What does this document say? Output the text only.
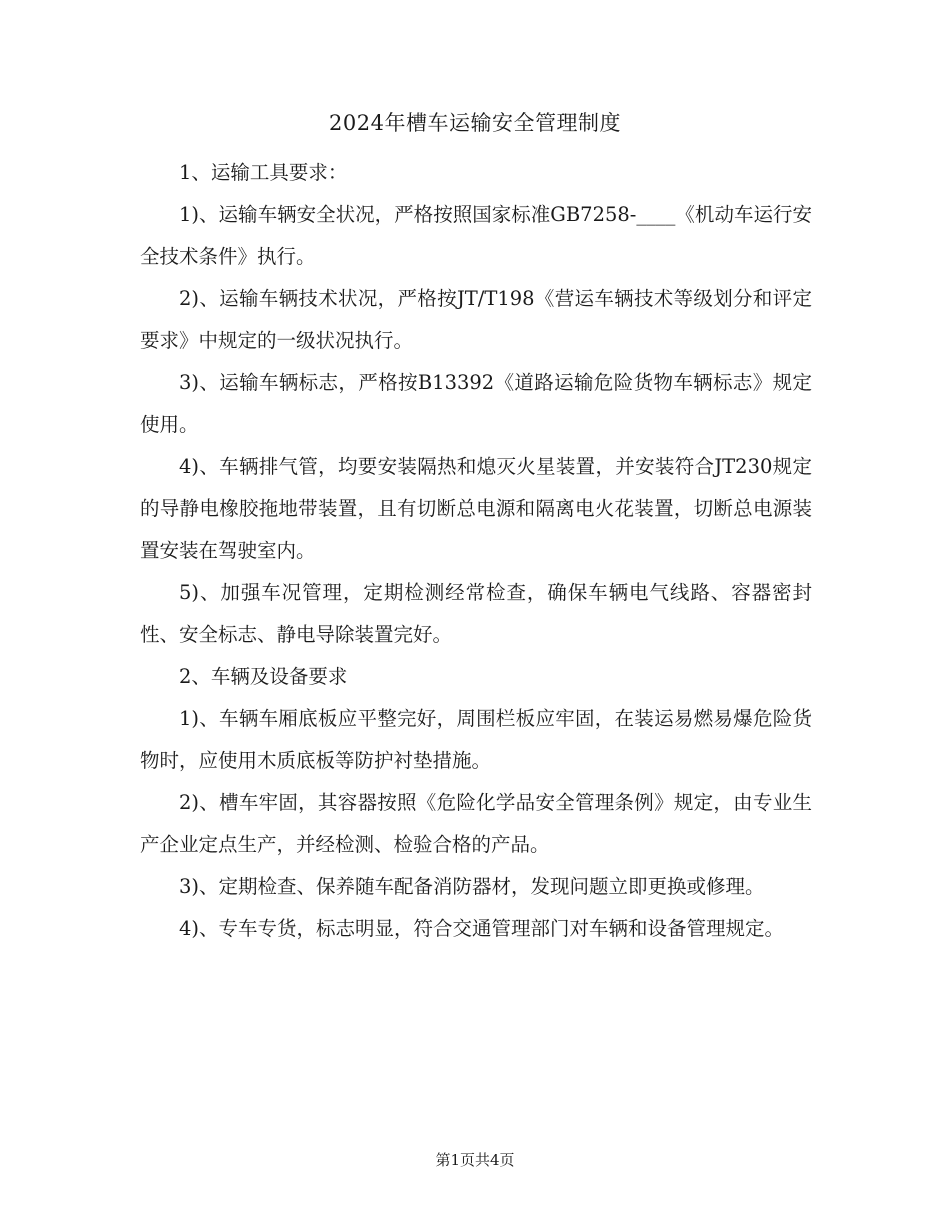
2024年槽车运输安全管理制度

1、运输工具要求：

1)、运输车辆安全状况，严格按照国家标准GB7258-____《机动车运行安全技术条件》执行。

2)、运输车辆技术状况，严格按JT/T198《营运车辆技术等级划分和评定要求》中规定的一级状况执行。

3)、运输车辆标志，严格按B13392《道路运输危险货物车辆标志》规定使用。

4)、车辆排气管，均要安装隔热和熄灭火星装置，并安装符合JT230规定的导静电橡胶拖地带装置，且有切断总电源和隔离电火花装置，切断总电源装置安装在驾驶室内。

5)、加强车况管理，定期检测经常检查，确保车辆电气线路、容器密封性、安全标志、静电导除装置完好。

2、车辆及设备要求

1)、车辆车厢底板应平整完好，周围栏板应牢固，在装运易燃易爆危险货物时，应使用木质底板等防护衬垫措施。

2)、槽车牢固，其容器按照《危险化学品安全管理条例》规定，由专业生产企业定点生产，并经检测、检验合格的产品。

3)、定期检查、保养随车配备消防器材，发现问题立即更换或修理。

4)、专车专货，标志明显，符合交通管理部门对车辆和设备管理规定。

第1页共4页
